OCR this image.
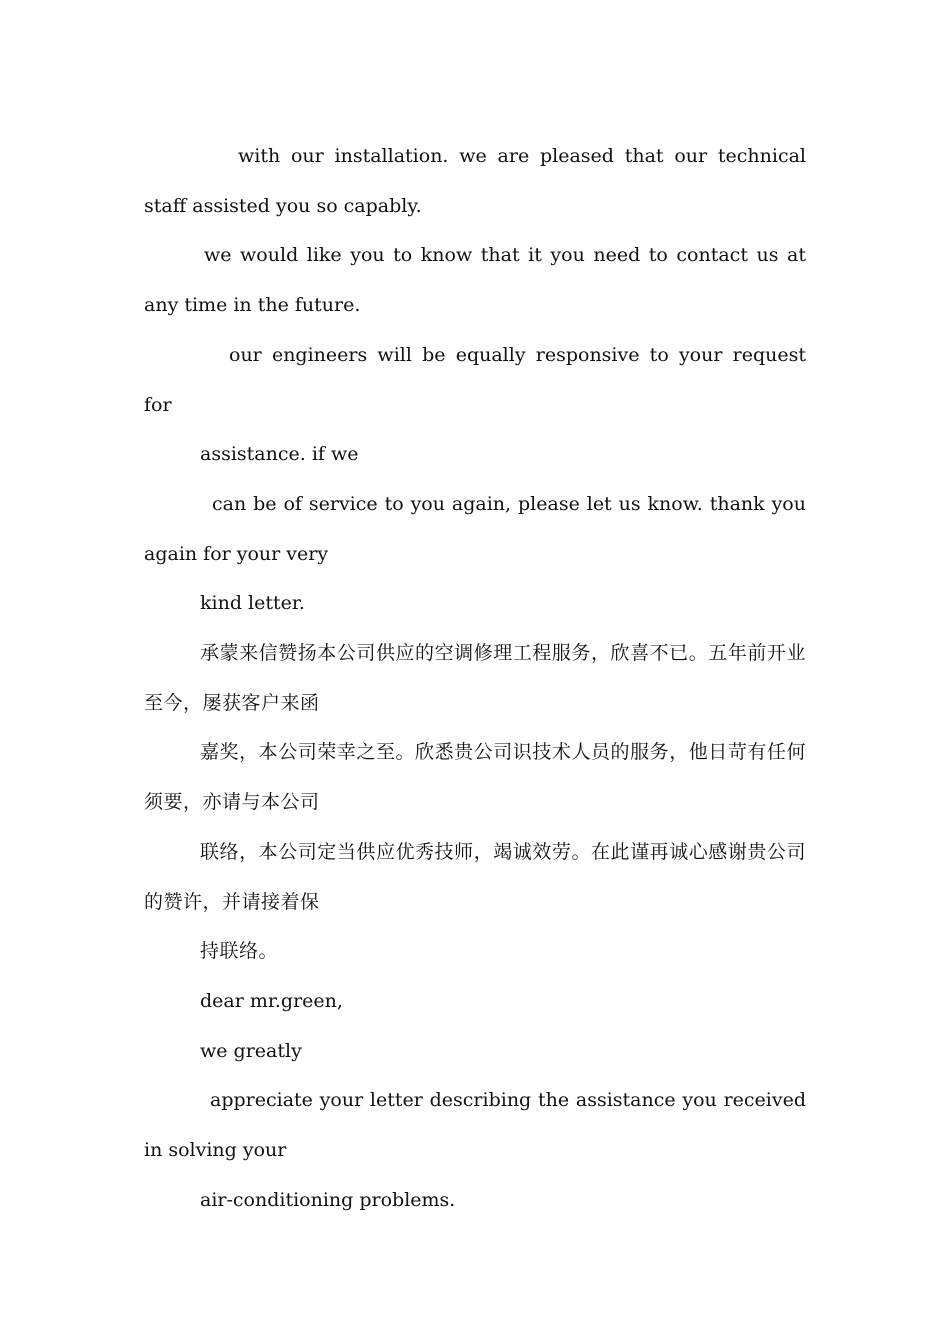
with our installation. we are pleased that our technical staff assisted you so capably.

we would like you to know that it you need to contact us at any time in the future.

our engineers will be equally responsive to your request for

assistance. if we

can be of service to you again, please let us know. thank you again for your very

kind letter.

承蒙来信赞扬本公司供应的空调修理工程服务，欣喜不已。五年前开业至今，屡获客户来函

嘉奖，本公司荣幸之至。欣悉贵公司识技术人员的服务，他日苛有任何须要，亦请与本公司

联络，本公司定当供应优秀技师，竭诚效劳。在此谨再诚心感谢贵公司的赞许，并请接着保

持联络。

dear mr.green,

we greatly

appreciate your letter describing the assistance you received in solving your

air-conditioning problems.
